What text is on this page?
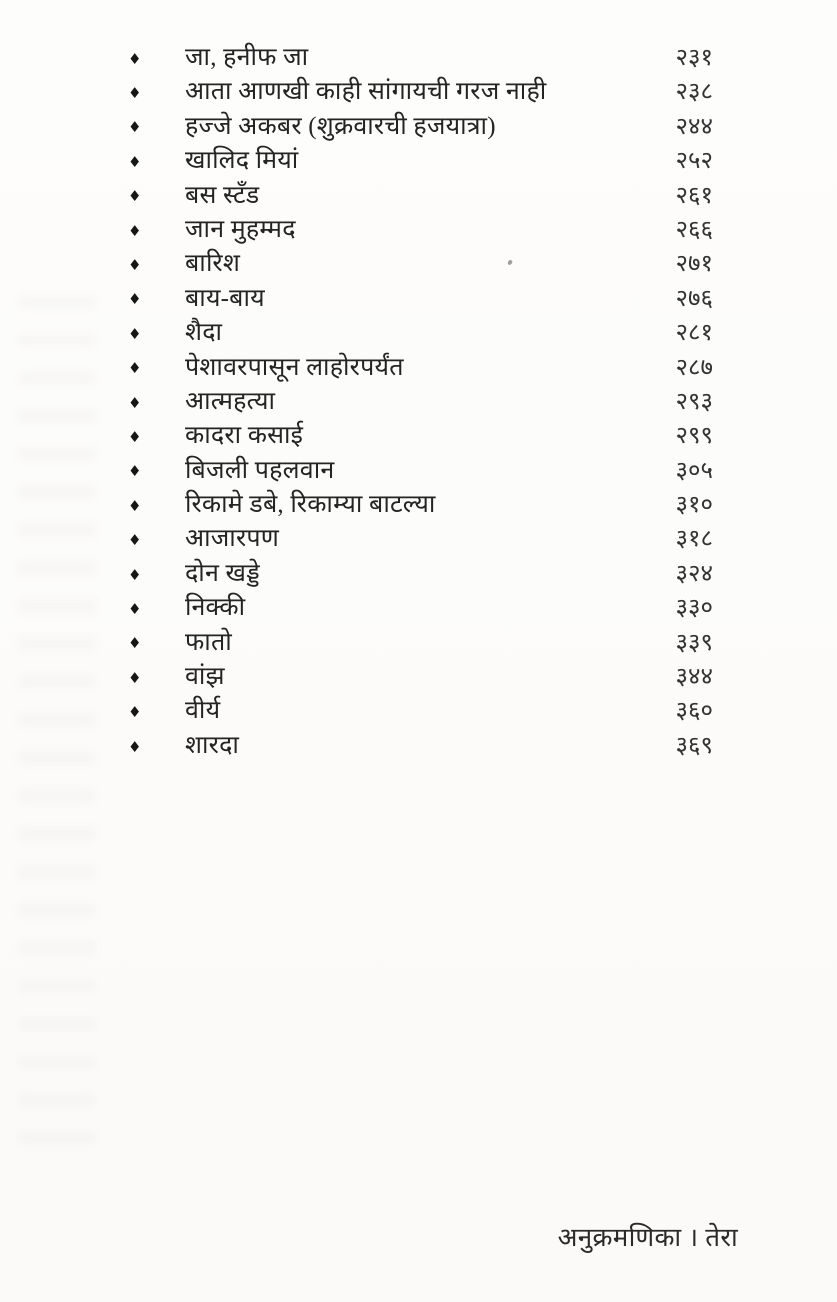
♦	जा, हनीफ जा	२३१
♦	आता आणखी काही सांगायची गरज नाही	२३८
♦	हज्जे अकबर (शुक्रवारची हजयात्रा)	२४४
♦	खालिद मियां	२५२
♦	बस स्टँड	२६१
♦	जान मुहम्मद	२६६
♦	बारिश	२७१
♦	बाय-बाय	२७६
♦	शैदा	२८१
♦	पेशावरपासून लाहोरपर्यंत	२८७
♦	आत्महत्या	२९३
♦	कादरा कसाई	२९९
♦	बिजली पहलवान	३०५
♦	रिकामे डबे, रिकाम्या बाटल्या	३१०
♦	आजारपण	३१८
♦	दोन खड्डे	३२४
♦	निक्की	३३०
♦	फातो	३३९
♦	वांझ	३४४
♦	वीर्य	३६०
♦	शारदा	३६९
अनुक्रमणिका । तेरा
